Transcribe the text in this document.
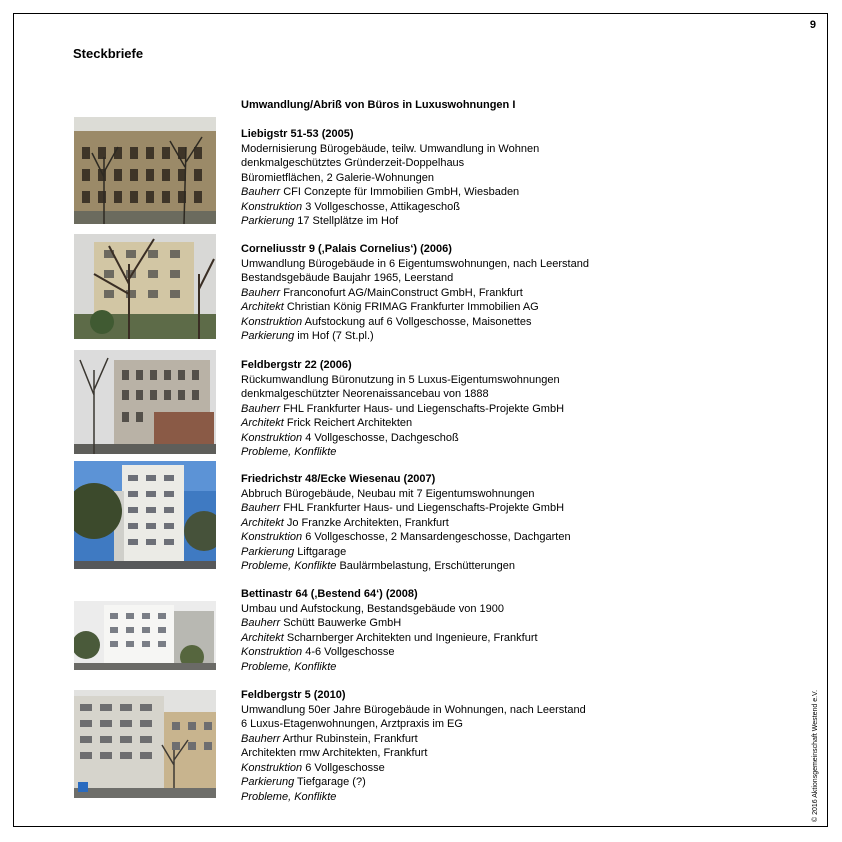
9
Steckbriefe
Umwandlung/Abriß von Büros in Luxuswohnungen I
© 2016 Aktionsgemeinschaft Westend e.V.
Liebigstr 51-53 (2005)
Modernisierung Bürogebäude, teilw. Umwandlung in Wohnen
denkmalgeschütztes Gründerzeit-Doppelhaus
Büromietflächen, 2 Galerie-Wohnungen
Bauherr CFI Conzepte für Immobilien GmbH, Wiesbaden
Konstruktion 3 Vollgeschosse, Attikageschoß
Parkierung 17 Stellplätze im Hof
Corneliusstr 9 (‚Palais Cornelius‘) (2006)
Umwandlung Bürogebäude in 6 Eigentumswohnungen, nach Leerstand
Bestandsgebäude Baujahr 1965, Leerstand
Bauherr Franconofurt AG/MainConstruct GmbH, Frankfurt
Architekt Christian König FRIMAG Frankfurter Immobilien AG
Konstruktion Aufstockung auf 6 Vollgeschosse, Maisonettes
Parkierung im Hof (7 St.pl.)
Feldbergstr 22 (2006)
Rückumwandlung Büronutzung in 5 Luxus-Eigentumswohnungen
denkmalgeschützter Neorenaissancebau von 1888
Bauherr FHL Frankfurter Haus- und Liegenschafts-Projekte GmbH
Architekt Frick Reichert Architekten
Konstruktion 4 Vollgeschosse, Dachgeschoß
Probleme, Konflikte
Friedrichstr 48/Ecke Wiesenau (2007)
Abbruch Bürogebäude, Neubau mit 7 Eigentumswohnungen
Bauherr FHL Frankfurter Haus- und Liegenschafts-Projekte GmbH
Architekt Jo Franzke Architekten, Frankfurt
Konstruktion 6 Vollgeschosse, 2 Mansardengeschosse, Dachgarten
Parkierung Liftgarage
Probleme, Konflikte Baulärmbelastung, Erschütterungen
Bettinastr 64 (‚Bestend 64‘) (2008)
Umbau und Aufstockung, Bestandsgebäude von 1900
Bauherr Schütt Bauwerke GmbH
Architekt Scharnberger Architekten und Ingenieure, Frankfurt
Konstruktion 4-6 Vollgeschosse
Probleme, Konflikte
Feldbergstr 5 (2010)
Umwandlung 50er Jahre Bürogebäude in Wohnungen, nach Leerstand
6 Luxus-Etagenwohnungen, Arztpraxis im EG
Bauherr Arthur Rubinstein, Frankfurt
Architekten rmw Architekten, Frankfurt
Konstruktion 6 Vollgeschosse
Parkierung Tiefgarage (?)
Probleme, Konflikte
